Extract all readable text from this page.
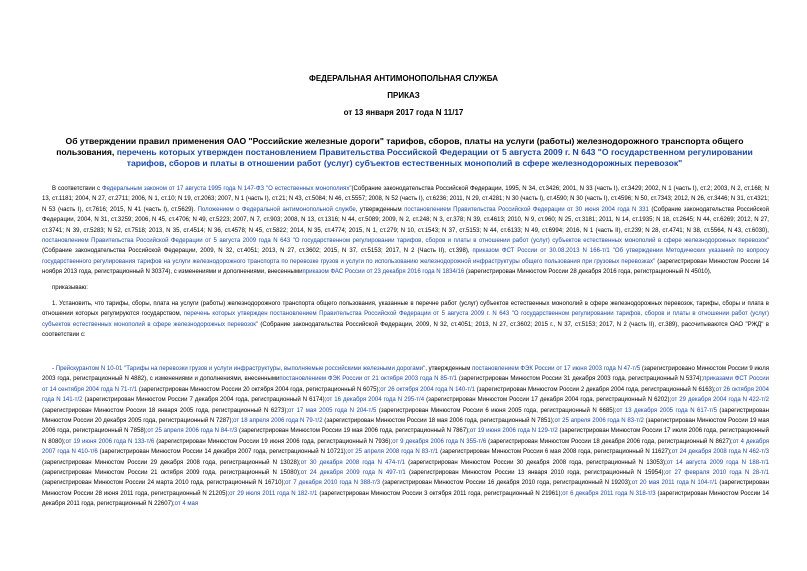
ФЕДЕРАЛЬНАЯ АНТИМОНОПОЛЬНАЯ СЛУЖБА
ПРИКАЗ
от 13 января 2017 года N 11/17
Об утверждении правил применения ОАО "Российские железные дороги" тарифов, сборов, платы на услуги (работы) железнодорожного транспорта общего пользования, перечень которых утвержден постановлением Правительства Российской Федерации от 5 августа 2009 г. N 643 "О государственном регулировании тарифов, сборов и платы в отношении работ (услуг) субъектов естественных монополий в сфере железнодорожных перевозок"
В соответствии с Федеральным законом от 17 августа 1995 года N 147-ФЗ "О естественных монополиях"(Собрание законодательства Российской Федерации, 1995, N 34, ст.3426; 2001, N 33 (часть I), ст.3429; 2002, N 1 (часть I), ст.2; 2003, N 2, ст.168; N 13, ст.1181; 2004, N 27, ст.2711; 2006, N 1, ст.10; N 19, ст.2063; 2007, N 1 (часть I), ст.21; N 43, ст.5084; N 46, ст.5557; 2008, N 52 (часть I), ст.6236; 2011, N 29, ст.4281; N 30 (часть I), ст.4590; N 30 (часть I), ст.4596; N 50, ст.7343; 2012, N 26, ст.3446; N 31, ст.4321; N 53 (часть I), ст.7616; 2015, N 41 (часть I), ст.5629). Положением о Федеральной антимонопольной службе, утвержденным постановлением Правительства Российской Федерации от 30 июня 2004 года N 331 (Собрание законодательства Российской Федерации, 2004, N 31, ст.3259; 2006, N 45, ст.4706; N 49, ст.5223; 2007, N 7, ст.903; 2008, N 13, ст.1316; N 44, ст.5089; 2009, N 2, ст.248; N 3, ст.378; N 39, ст.4613; 2010, N 9, ст.960; N 25, ст.3181; 2011, N 14, ст.1935; N 18, ст.2645; N 44, ст.6269; 2012, N 27, ст.3741; N 39, ст.5283; N 52, ст.7518; 2013, N 35, ст.4514; N 36, ст.4578; N 45, ст.5822; 2014, N 35, ст.4774; 2015, N 1, ст.279; N 10, ст.1543; N 37, ст.5153; N 44, ст.6133; N 49, ст.6994; 2016, N 1 (часть II), ст.239; N 28, ст.4741; N 38, ст.5564, N 43, ст.6030), постановлением Правительства Российской Федерации от 5 августа 2009 года N 643 "О государственном регулировании тарифов, сборов и платы в отношении работ (услуг) субъектов естественных монополий в сфере железнодорожных перевозок" (Собрание законодательства Российской Федерации, 2009, N 32, ст.4051; 2013, N 27, ст.3602; 2015, N 37, ст.5153; 2017, N 2 (Часть II), ст.398), приказом ФСТ России от 30.08.2013 N 166-т/1 "Об утверждении Методических указаний по вопросу государственного регулирования тарифов на услуги железнодорожного транспорта по перевозке грузов и услуги по использованию железнодорожной инфраструктуры общего пользования при грузовых перевозках" (зарегистрирован Минюстом России 14 ноября 2013 года, регистрационный N 30374), с изменениями и дополнениями, внесеннымиприказом ФАС России от 23 декабря 2016 года N 1834/16 (зарегистрирован Минюстом России 28 декабря 2016 года, регистрационный N 45010),
приказываю:
1. Установить, что тарифы, сборы, плата на услуги (работы) железнодорожного транспорта общего пользования, указанные в перечне работ (услуг) субъектов естественных монополий в сфере железнодорожных перевозок, тарифы, сборы и плата в отношении которых регулируются государством, перечень которых утвержден постановлением Правительства Российской Федерации от 5 августа 2009 г. N 643 "О государственном регулировании тарифов, сборов и платы в отношении работ (услуг) субъектов естественных монополий в сфере железнодорожных перевозок" (Собрание законодательства Российской Федерации, 2009, N 32, ст.4051; 2013, N 27, ст.3602; 2015 г., N 37, ст.5153; 2017, N 2 (часть II), ст.389), рассчитываются ОАО "РЖД" в соответствии с:
- Прейскурантом N 10-01 "Тарифы на перевозки грузов и услуги инфраструктуры, выполняемые российскими железными дорогами", утвержденным постановлением ФЭК России от 17 июня 2003 года N 47-т/5 (зарегистрировано Минюстом России 9 июля 2003 года, регистрационный N 4882), с изменениями и дополнениями, внесеннымипостановлением ФЭК России от 21 октября 2003 года N 85-т/1 (зарегистрирован Минюстом России 31 декабря 2003 года, регистрационный N 5374);приказами ФСТ России от 14 сентября 2004 года N 71-т/1 (зарегистрирован Минюстом России 20 октября 2004 года, регистрационный N 6075);от 26 октября 2004 года N 140-т/1 (зарегистрирован Минюстом России 2 декабря 2004 года, регистрационный N 6163);от 26 октября 2004 года N 141-т/2 (зарегистрирован Минюстом России 7 декабря 2004 года, регистрационный N 6174);от 16 декабря 2004 года N 295-т/4 (зарегистрирован Минюстом России 17 декабря 2004 года, регистрационный N 6202);от 29 декабря 2004 года N 422-т/2 (зарегистрирован Минюстом России 18 января 2005 года, регистрационный N 6273);от 17 мая 2005 года N 204-т/5 (зарегистрирован Минюстом России 6 июня 2005 года, регистрационный N 6685);от 13 декабря 2005 года N 617-т/5 (зарегистрирован Минюстом России 20 декабря 2005 года, регистрационный N 7287);от 18 апреля 2006 года N 79-т/2 (зарегистрирован Минюстом России 18 мая 2006 года, регистрационный N 7851);от 25 апреля 2006 года N 83-т/2 (зарегистрирован Минюстом России 19 мая 2006 года, регистрационный N 7858);от 25 апреля 2006 года N 84-т/3 (зарегистрирован Минюстом России 19 мая 2006 года, регистрационный N 7867);от 19 июня 2006 года N 129-т/2 (зарегистрирован Минюстом России 17 июля 2006 года, регистрационный N 8080);от 19 июня 2006 года N 133-т/6 (зарегистрирован Минюстом России 19 июня 2006 года, регистрационный N 7936);от 9 декабря 2006 года N 355-т/6 (зарегистрирован Минюстом России 18 декабря 2006 года, регистрационный N 8627);от 4 декабря 2007 года N 410-т/6 (зарегистрирован Минюстом России 14 декабря 2007 года, регистрационный N 10721);от 25 апреля 2008 года N 83-т/1 (зарегистрирован Минюстом России 6 мая 2008 года, регистрационный N 11627);от 24 декабря 2008 года N 462-т/3 (зарегистрирован Минюстом России 29 декабря 2008 года, регистрационный N 13028);от 30 декабря 2008 года N 474-т/1 (зарегистрирован Минюстом России 30 декабря 2008 года, регистрационный N 13053);от 14 августа 2009 года N 188-т/1 (зарегистрирован Минюстом России 21 октября 2009 года, регистрационный N 15080);от 24 декабря 2009 года N 497-т/1 (зарегистрирован Минюстом России 13 января 2010 года, регистрационный N 15954);от 27 февраля 2010 года N 28-т/1 (зарегистрирован Минюстом России 24 марта 2010 года, регистрационный N 16710);от 7 декабря 2010 года N 388-т/3 (зарегистрирован Минюстом России 16 декабря 2010 года, регистрационный N 19203);от 20 мая 2011 года N 104-т/1 (зарегистрирован Минюстом России 28 июня 2011 года, регистрационный N 21205);от 29 июля 2011 года N 182-т/1 (зарегистрирован Минюстом России 3 октября 2011 года, регистрационный N 21961);от 6 декабря 2011 года N 318-т/3 (зарегистрирован Минюстом России 14 декабря 2011 года, регистрационный N 22607);от 4 мая
